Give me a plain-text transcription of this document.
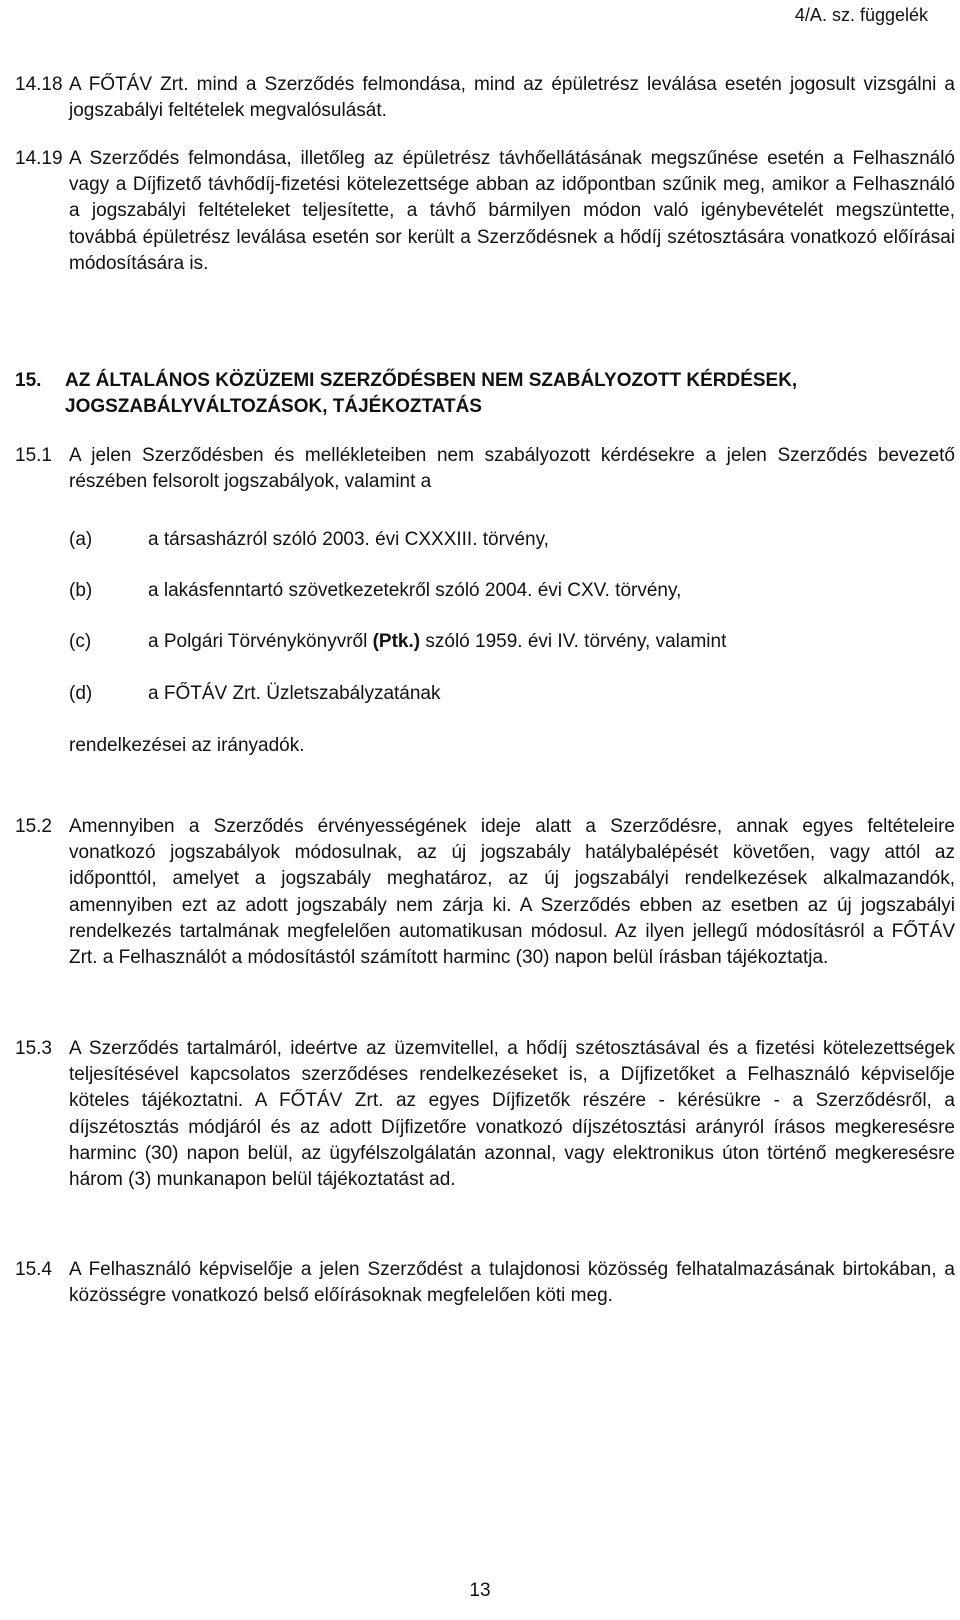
4/A. sz. függelék
14.18 A FŐTÁV Zrt. mind a Szerződés felmondása, mind az épületrész leválása esetén jogosult vizsgálni a jogszabályi feltételek megvalósulását.

14.19 A Szerződés felmondása, illetőleg az épületrész távhőellátásának megszűnése esetén a Felhasználó vagy a Díjfizető távhődíj-fizetési kötelezettsége abban az időpontban szűnik meg, amikor a Felhasználó a jogszabályi feltételeket teljesítette, a távhő bármilyen módon való igénybevételét megszüntette, továbbá épületrész leválása esetén sor került a Szerződésnek a hődíj szétosztására vonatkozó előírásai módosítására is.

15. AZ ÁLTALÁNOS KÖZÜZEMI SZERZŐDÉSBEN NEM SZABÁLYOZOTT KÉRDÉSEK, JOGSZABÁLYVÁLTOZÁSOK, TÁJÉKOZTATÁS

15.1 A jelen Szerződésben és mellékleteiben nem szabályozott kérdésekre a jelen Szerződés bevezető részében felsorolt jogszabályok, valamint a

(a)	a társasházról szóló 2003. évi CXXXIII. törvény,
(b)	a lakásfenntartó szövetkezetekről szóló 2004. évi CXV. törvény,
(c)	a Polgári Törvénykönyvről (Ptk.) szóló 1959. évi IV. törvény, valamint
(d)	a FŐTÁV Zrt. Üzletszabályzatának
rendelkezései az irányadók.
15.2 Amennyiben a Szerződés érvényességének ideje alatt a Szerződésre, annak egyes feltételeire vonatkozó jogszabályok módosulnak, az új jogszabály hatálybalépését követően, vagy attól az időponttól, amelyet a jogszabály meghatároz, az új jogszabályi rendelkezések alkalmazandók, amennyiben ezt az adott jogszabály nem zárja ki. A Szerződés ebben az esetben az új jogszabályi rendelkezés tartalmának megfelelően automatikusan módosul. Az ilyen jellegű módosításról a FŐTÁV Zrt. a Felhasználót a módosítástól számított harminc (30) napon belül írásban tájékoztatja.

15.3 A Szerződés tartalmáról, ideértve az üzemvitellel, a hődíj szétosztásával és a fizetési kötelezettségek teljesítésével kapcsolatos szerződéses rendelkezéseket is, a Díjfizetőket a Felhasználó képviselője köteles tájékoztatni. A FŐTÁV Zrt. az egyes Díjfizetők részére - kérésükre - a Szerződésről, a díjszétosztás módjáról és az adott Díjfizetőre vonatkozó díjszétosztási arányról írásos megkeresésre harminc (30) napon belül, az ügyfélszolgálatán azonnal, vagy elektronikus úton történő megkeresésre három (3) munkanapon belül tájékoztatást ad.

15.4 A Felhasználó képviselője a jelen Szerződést a tulajdonosi közösség felhatalmazásának birtokában, a közösségre vonatkozó belső előírásoknak megfelelően köti meg.

13
